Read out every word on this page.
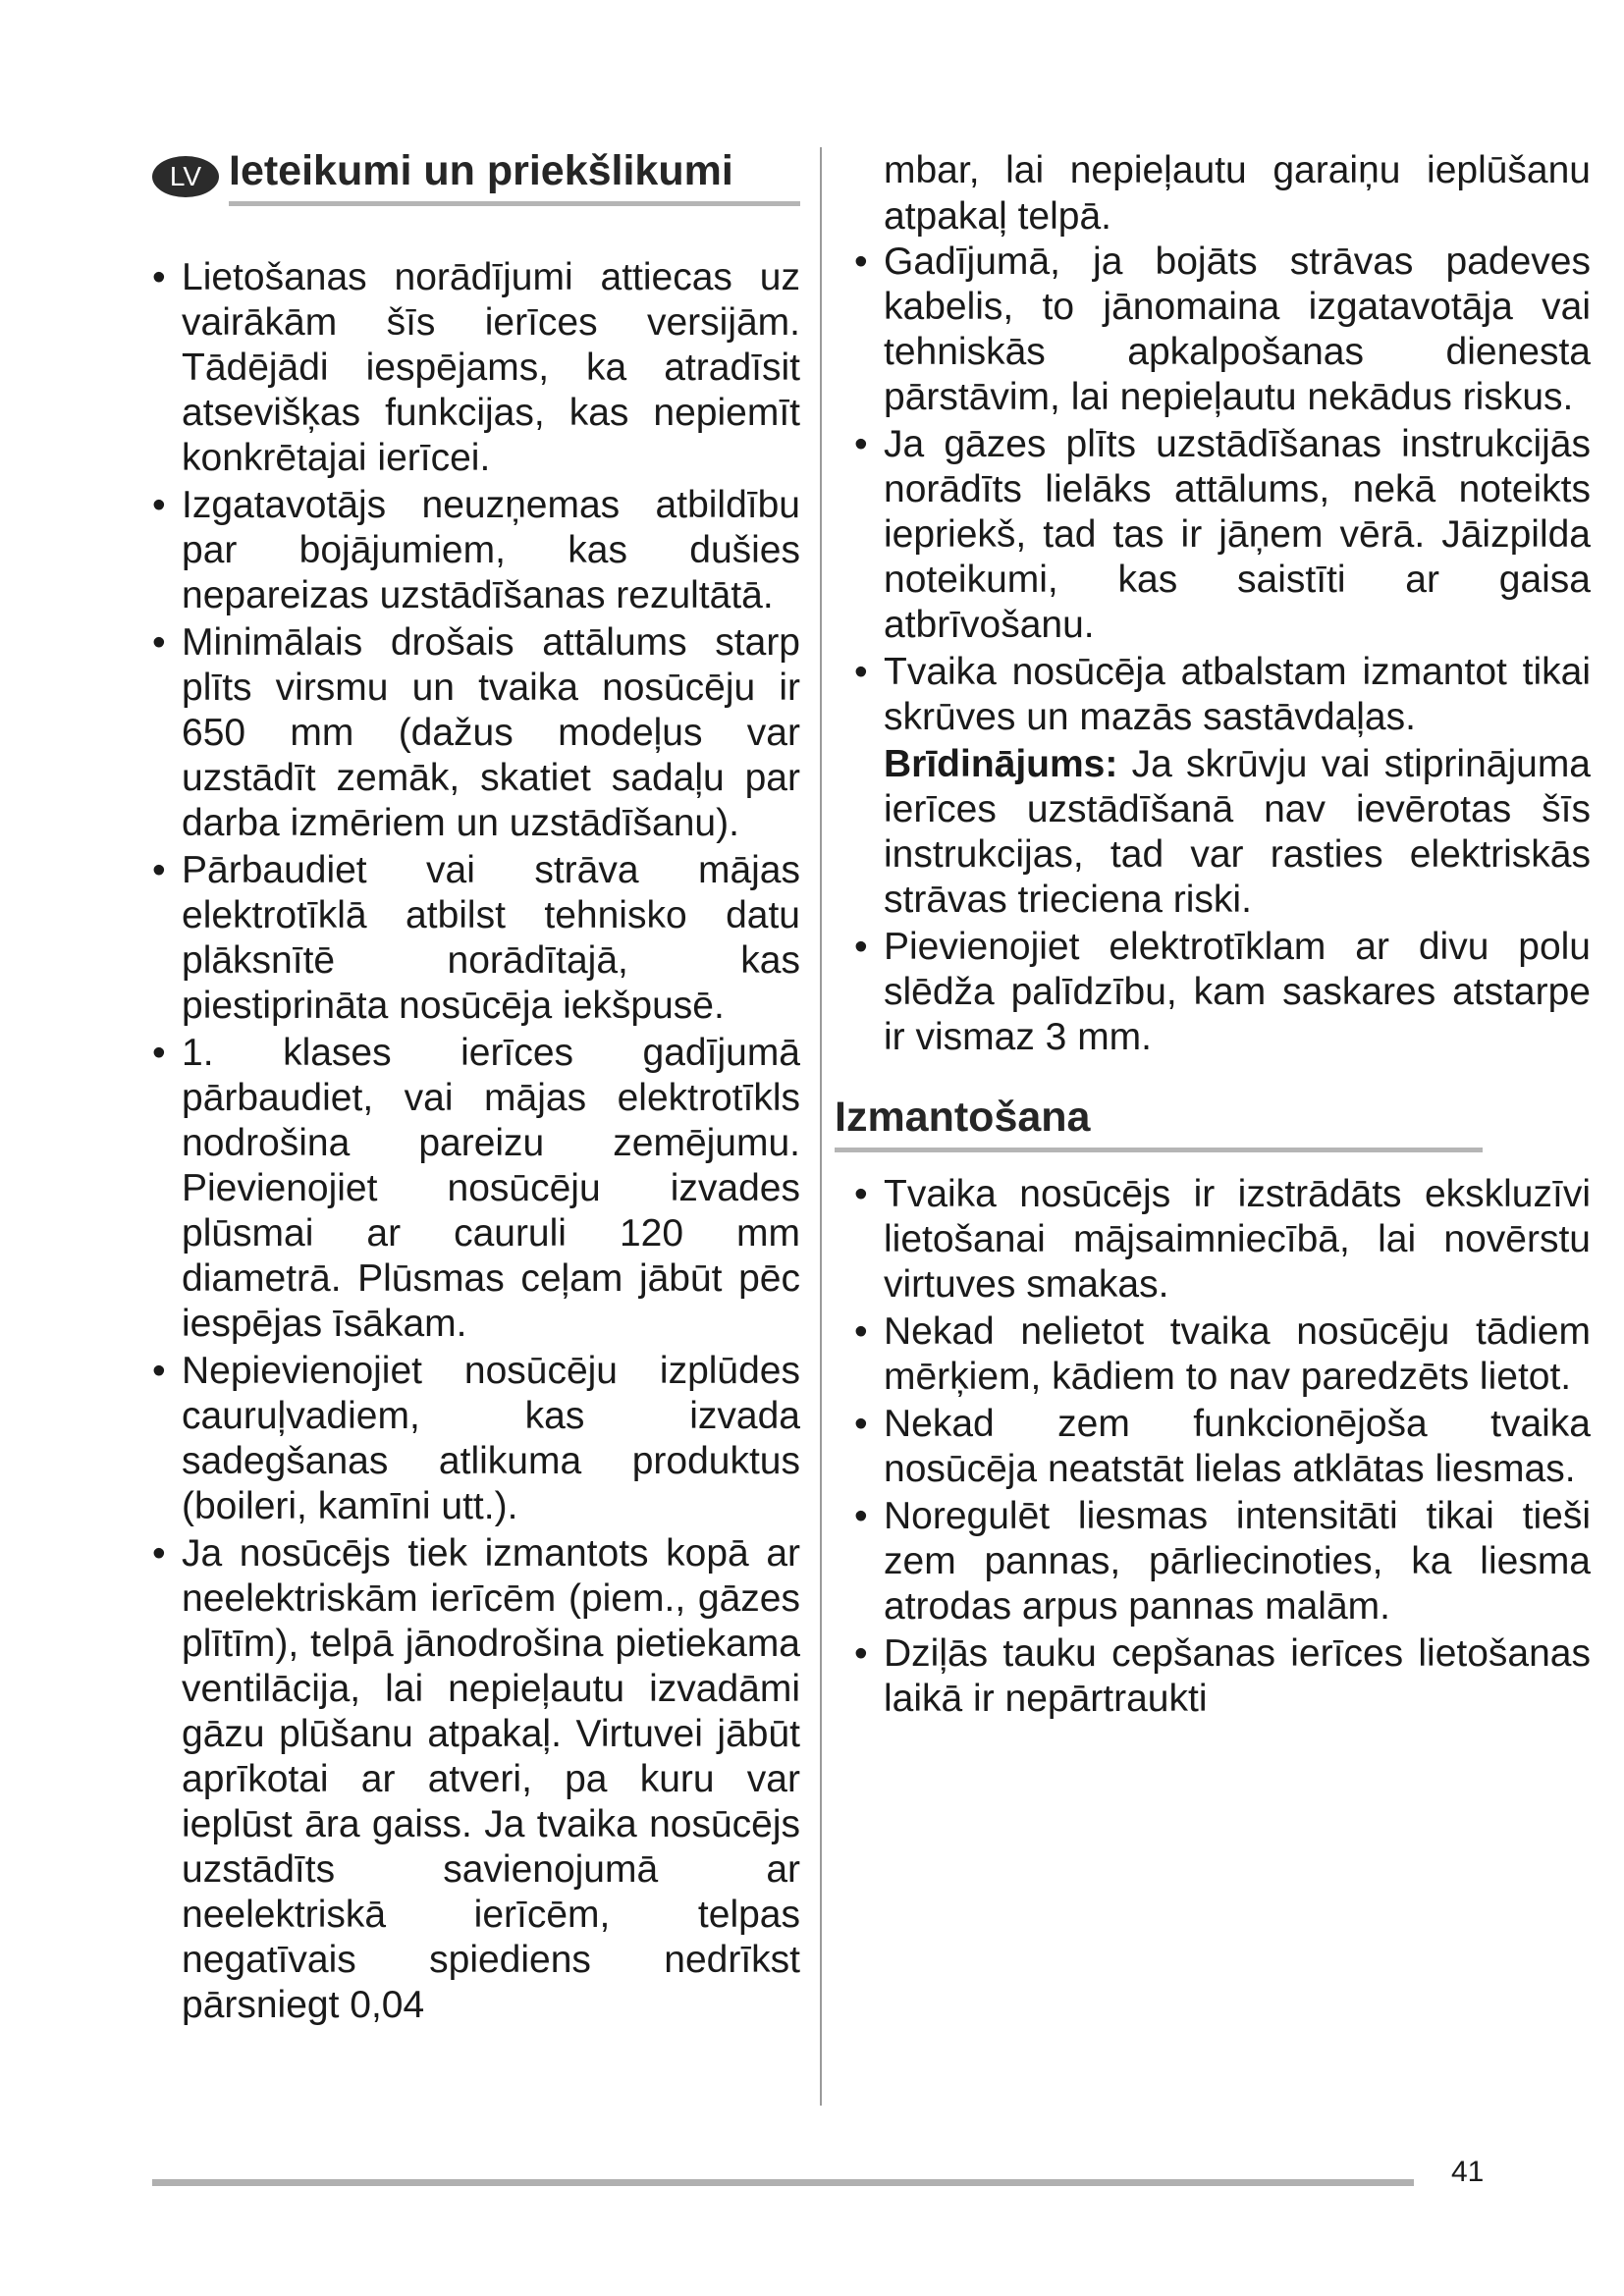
LV Ieteikumi un priekšlikumi
• Lietošanas norādījumi attiecas uz vairākām šīs ierīces versijām. Tādējādi iespējams, ka atradīsit atsevišķas funkcijas, kas nepiemīt konkrētajai ierīcei.
• Izgatavotājs neuzņemas atbildību par bojājumiem, kas dušies nepareizas uzstādīšanas rezultātā.
• Minimālais drošais attālums starp plīts virsmu un tvaika nosūcēju ir 650 mm (dažus modeļus var uzstādīt zemāk, skatiet sadaļu par darba izmēriem un uzstādīšanu).
• Pārbaudiet vai strāva mājas elektrotīklā atbilst tehnisko datu plāksnītē norādītajā, kas piestiprināta nosūcēja iekšpusē.
• 1. klases ierīces gadījumā pārbaudiet, vai mājas elektrotīkls nodrošina pareizu zemējumu. Pievienojiet nosūcēju izvades plūsmai ar cauruli 120 mm diametrā. Plūsmas ceļam jābūt pēc iespējas īsākam.
• Nepievienojiet nosūcēju izplūdes cauruļvadiem, kas izvada sadegšanas atlikuma produktus (boileri, kamīni utt.).
• Ja nosūcējs tiek izmantots kopā ar neelektriskām ierīcēm (piem., gāzes plītīm), telpā jānodrošina pietiekama ventilācija, lai nepieļautu izvadāmi gāzu plūšanu atpakaļ. Virtuvei jābūt aprīkotai ar atveri, pa kuru var ieplūst āra gaiss. Ja tvaika nosūcējs uzstādīts savienojumā ar neelektriskā ierīcēm, telpas negatīvais spiediens nedrīkst pārsniegt 0,04

mbar, lai nepieļautu garaiņu ieplūšanu atpakaļ telpā.

• Gadījumā, ja bojāts strāvas padeves kabelis, to jānomaina izgatavotāja vai tehniskās apkalpošanas dienesta pārstāvim, lai nepieļautu nekādus riskus.
• Ja gāzes plīts uzstādīšanas instrukcijās norādīts lielāks attālums, nekā noteikts iepriekš, tad tas ir jāņem vērā. Jāizpilda noteikumi, kas saistīti ar gaisa atbrīvošanu.
• Tvaika nosūcēja atbalstam izmantot tikai skrūves un mazās sastāvdaļas.

Brīdinājums: Ja skrūvju vai stiprinājuma ierīces uzstādīšanā nav ievērotas šīs instrukcijas, tad var rasties elektriskās strāvas trieciena riski.

• Pievienojiet elektrotīklam ar divu polu slēdža palīdzību, kam saskares atstarpe ir vismaz 3 mm.
Izmantošana
• Tvaika nosūcējs ir izstrādāts ekskluzīvi lietošanai mājsaimniecībā, lai novērstu virtuves smakas.
• Nekad nelietot tvaika nosūcēju tādiem mērķiem, kādiem to nav paredzēts lietot.
• Nekad zem funkcionējoša tvaika nosūcēja neatstāt lielas atklātas liesmas.
• Noregulēt liesmas intensitāti tikai tieši zem pannas, pārliecinoties, ka liesma atrodas arpus pannas malām.
• Dziļās tauku cepšanas ierīces lietošanas laikā ir nepārtraukti
41
